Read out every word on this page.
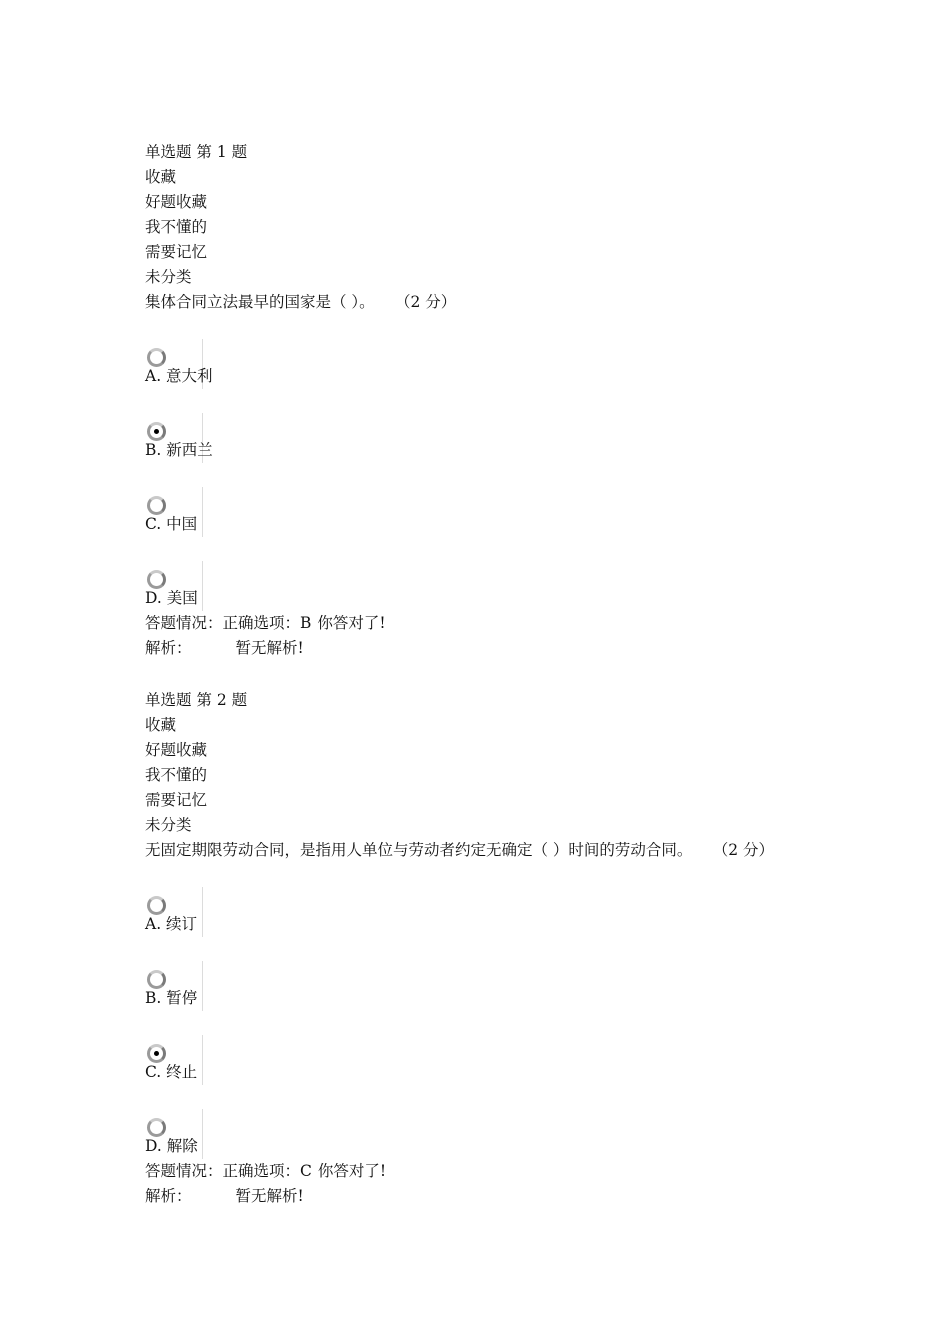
单选题 第 1 题
收藏
好题收藏
我不懂的
需要记忆
未分类
集体合同立法最早的国家是（ ）。 （2 分）
A. 意大利
B. 新西兰
C. 中国
D. 美国
答题情况：正确选项：B 你答对了!
解析：	暂无解析!
单选题 第 2 题
收藏
好题收藏
我不懂的
需要记忆
未分类
无固定期限劳动合同，是指用人单位与劳动者约定无确定（ ）时间的劳动合同。 （2 分）
A. 续订
B. 暂停
C. 终止
D. 解除
答题情况：正确选项：C 你答对了!
解析：	暂无解析!
